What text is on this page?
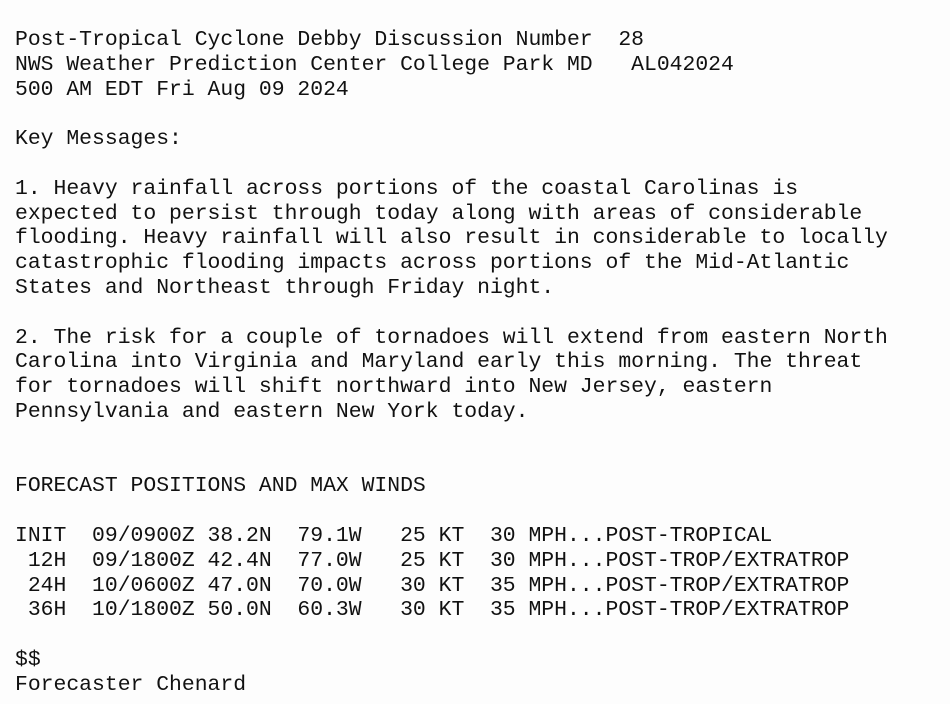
Post-Tropical Cyclone Debby Discussion Number  28
NWS Weather Prediction Center College Park MD   AL042024
500 AM EDT Fri Aug 09 2024
Key Messages:
1. Heavy rainfall across portions of the coastal Carolinas is
expected to persist through today along with areas of considerable
flooding. Heavy rainfall will also result in considerable to locally
catastrophic flooding impacts across portions of the Mid-Atlantic
States and Northeast through Friday night.
2. The risk for a couple of tornadoes will extend from eastern North
Carolina into Virginia and Maryland early this morning. The threat
for tornadoes will shift northward into New Jersey, eastern
Pennsylvania and eastern New York today.
FORECAST POSITIONS AND MAX WINDS
INIT  09/0900Z 38.2N  79.1W   25 KT  30 MPH...POST-TROPICAL
12H  09/1800Z 42.4N  77.0W   25 KT  30 MPH...POST-TROP/EXTRATROP
24H  10/0600Z 47.0N  70.0W   30 KT  35 MPH...POST-TROP/EXTRATROP
36H  10/1800Z 50.0N  60.3W   30 KT  35 MPH...POST-TROP/EXTRATROP
$$
Forecaster Chenard
